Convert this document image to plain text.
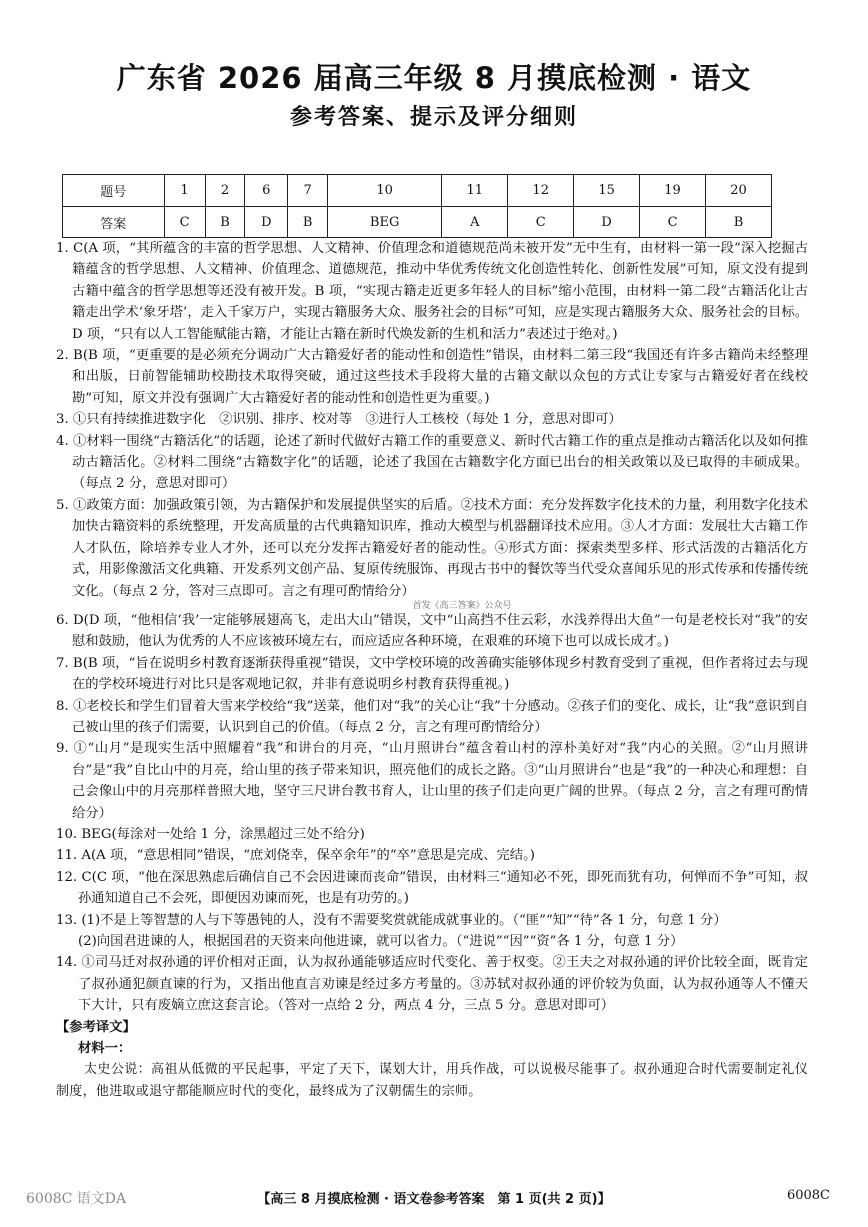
广东省 2026 届高三年级 8 月摸底检测 · 语文
参考答案、提示及评分细则
题号	1	2	6	7	10	11	12	15	19	20
答案	C	B	D	B	BEG	A	C	D	C	B

1. C(A 项，“其所蕴含的丰富的哲学思想、人文精神、价值理念和道德规范尚未被开发”无中生有，由材料一第一段“深入挖掘古籍蕴含的哲学思想、人文精神、价值理念、道德规范，推动中华优秀传统文化创造性转化、创新性发展”可知，原文没有提到古籍中蕴含的哲学思想等还没有被开发。B 项，“实现古籍走近更多年轻人的目标”缩小范围，由材料一第二段“古籍活化让古籍走出学术‘象牙塔’，走入千家万户，实现古籍服务大众、服务社会的目标”可知，应是实现古籍服务大众、服务社会的目标。D 项，“只有以人工智能赋能古籍，才能让古籍在新时代焕发新的生机和活力”表述过于绝对。)

2. B(B 项，“更重要的是必须充分调动广大古籍爱好者的能动性和创造性”错误，由材料二第三段“我国还有许多古籍尚未经整理和出版，日前智能辅助校勘技术取得突破，通过这些技术手段将大量的古籍文献以众包的方式让专家与古籍爱好者在线校勘”可知，原文并没有强调广大古籍爱好者的能动性和创造性更为重要。)

3. ①只有持续推进数字化　②识别、排序、校对等　③进行人工核校（每处 1 分，意思对即可）

4. ①材料一围绕“古籍活化”的话题，论述了新时代做好古籍工作的重要意义、新时代古籍工作的重点是推动古籍活化以及如何推动古籍活化。②材料二围绕“古籍数字化”的话题，论述了我国在古籍数字化方面已出台的相关政策以及已取得的丰硕成果。（每点 2 分，意思对即可）

5. ①政策方面：加强政策引领，为古籍保护和发展提供坚实的后盾。②技术方面：充分发挥数字化技术的力量，利用数字化技术加快古籍资料的系统整理，开发高质量的古代典籍知识库，推动大模型与机器翻译技术应用。③人才方面：发展壮大古籍工作人才队伍，除培养专业人才外，还可以充分发挥古籍爱好者的能动性。④形式方面：探索类型多样、形式活泼的古籍活化方式，用影像激活文化典籍、开发系列文创产品、复原传统服饰、再现古书中的餐饮等当代受众喜闻乐见的形式传承和传播传统文化。（每点 2 分，答对三点即可。言之有理可酌情给分）

首发《高三答案》公众号

6. D(D 项，“他相信‘我’一定能够展翅高飞，走出大山”错误，文中“山高挡不住云彩，水浅养得出大鱼”一句是老校长对“我”的安慰和鼓励，他认为优秀的人不应该被环境左右，而应适应各种环境，在艰难的环境下也可以成长成才。)

7. B(B 项，“旨在说明乡村教育逐渐获得重视”错误，文中学校环境的改善确实能够体现乡村教育受到了重视，但作者将过去与现在的学校环境进行对比只是客观地记叙，并非有意说明乡村教育获得重视。)

8. ①老校长和学生们冒着大雪来学校给“我”送菜，他们对“我”的关心让“我”十分感动。②孩子们的变化、成长，让“我”意识到自己被山里的孩子们需要，认识到自己的价值。（每点 2 分，言之有理可酌情给分）

9. ①“山月”是现实生活中照耀着“我”和讲台的月亮，“山月照讲台”蕴含着山村的淳朴美好对“我”内心的关照。②“山月照讲台”是“我”自比山中的月亮，给山里的孩子带来知识，照亮他们的成长之路。③“山月照讲台”也是“我”的一种决心和理想：自己会像山中的月亮那样普照大地，坚守三尺讲台教书育人，让山里的孩子们走向更广阔的世界。（每点 2 分，言之有理可酌情给分）

10. BEG(每涂对一处给 1 分，涂黑超过三处不给分)

11. A(A 项，“意思相同”错误，“庶刘侥幸，保卒余年”的“卒”意思是完成、完结。)

12. C(C 项，“他在深思熟虑后确信自己不会因进谏而丧命”错误，由材料三“通知必不死，即死而犹有功，何惮而不争”可知，叔孙通知道自己不会死，即便因劝谏而死，也是有功劳的。)

13. (1)不是上等智慧的人与下等愚钝的人，没有不需要奖赏就能成就事业的。（“匪”“知”“待”各 1 分，句意 1 分）

(2)向国君进谏的人，根据国君的天资来向他进谏，就可以省力。（“进说”“因”“资”各 1 分，句意 1 分）

14. ①司马迁对叔孙通的评价相对正面，认为叔孙通能够适应时代变化、善于权变。②王夫之对叔孙通的评价比较全面，既肯定了叔孙通犯颜直谏的行为，又指出他直言劝谏是经过多方考量的。③苏轼对叔孙通的评价较为负面，认为叔孙通等人不懂天下大计，只有废嫡立庶这套言论。（答对一点给 2 分，两点 4 分，三点 5 分。意思对即可）

【参考译文】

材料一：

太史公说：高祖从低微的平民起事，平定了天下，谋划大计，用兵作战，可以说极尽能事了。叔孙通迎合时代需要制定礼仪制度，他进取或退守都能顺应时代的变化，最终成为了汉朝儒生的宗师。

6008C 语文DA	【高三 8 月摸底检测 · 语文卷参考答案　第 1 页(共 2 页)】	6008C
